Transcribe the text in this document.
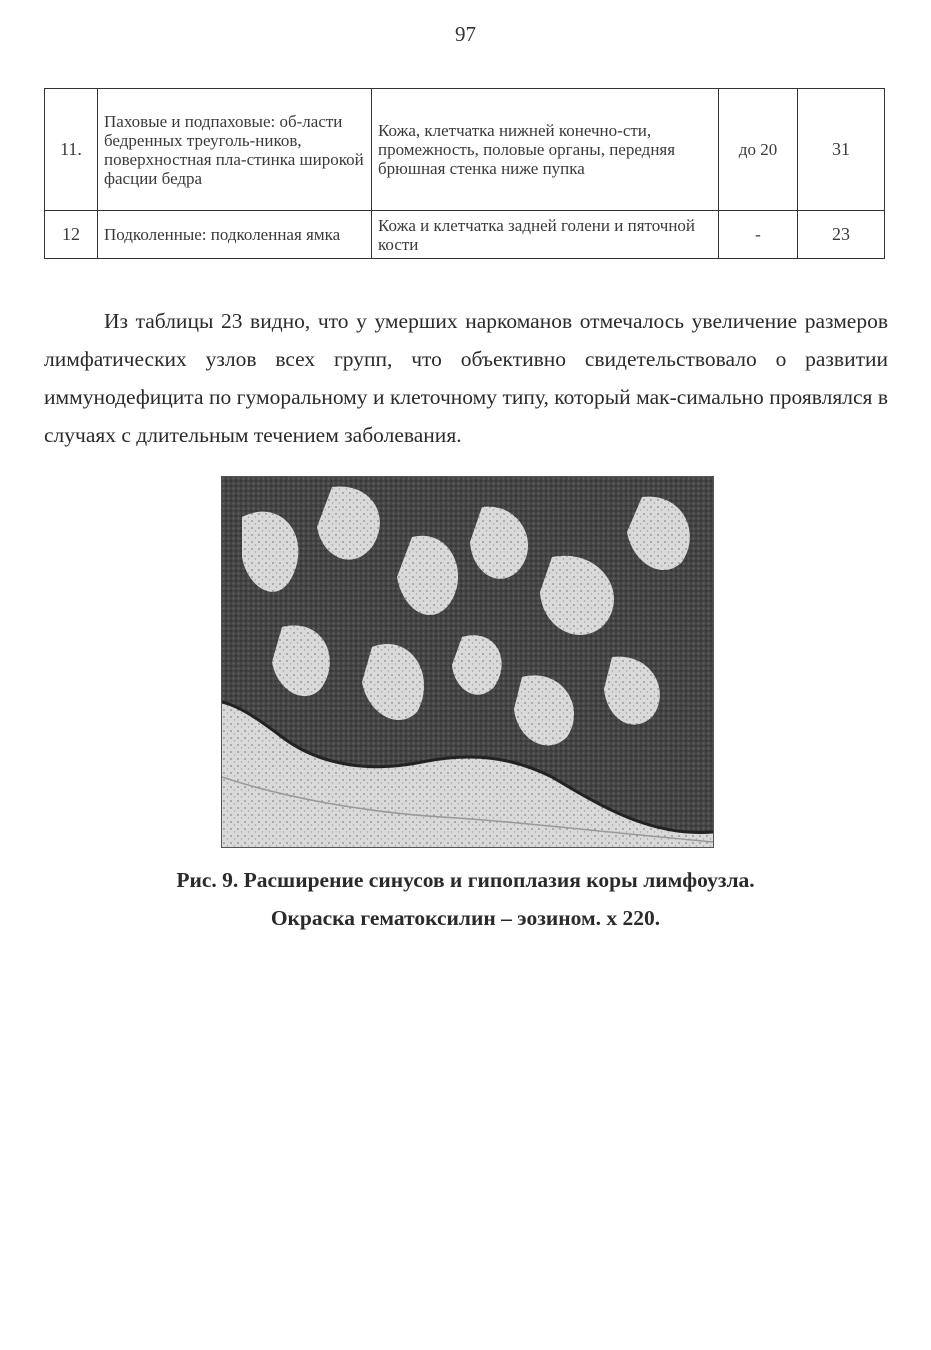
97
11.	Паховые и подпаховые: об-ласти бедренных треуголь-ников, поверхностная пла-стинка широкой фасции бедра	Кожа, клетчатка нижней конечно-сти, промежность, половые органы, передняя брюшная стенка ниже пупка	до 20	31
12	Подколенные: подколенная ямка	Кожа и клетчатка задней голени и пяточной кости	-	23

Из таблицы 23 видно, что у умерших наркоманов отмечалось увеличение размеров лимфатических узлов всех групп, что объективно свидетельствовало о развитии иммунодефицита по гуморальному и клеточному типу, который мак-симально проявлялся в случаях с длительным течением заболевания.

Рис. 9. Расширение синусов и гипоплазия коры лимфоузла.
Окраска гематоксилин – эозином. х 220.
